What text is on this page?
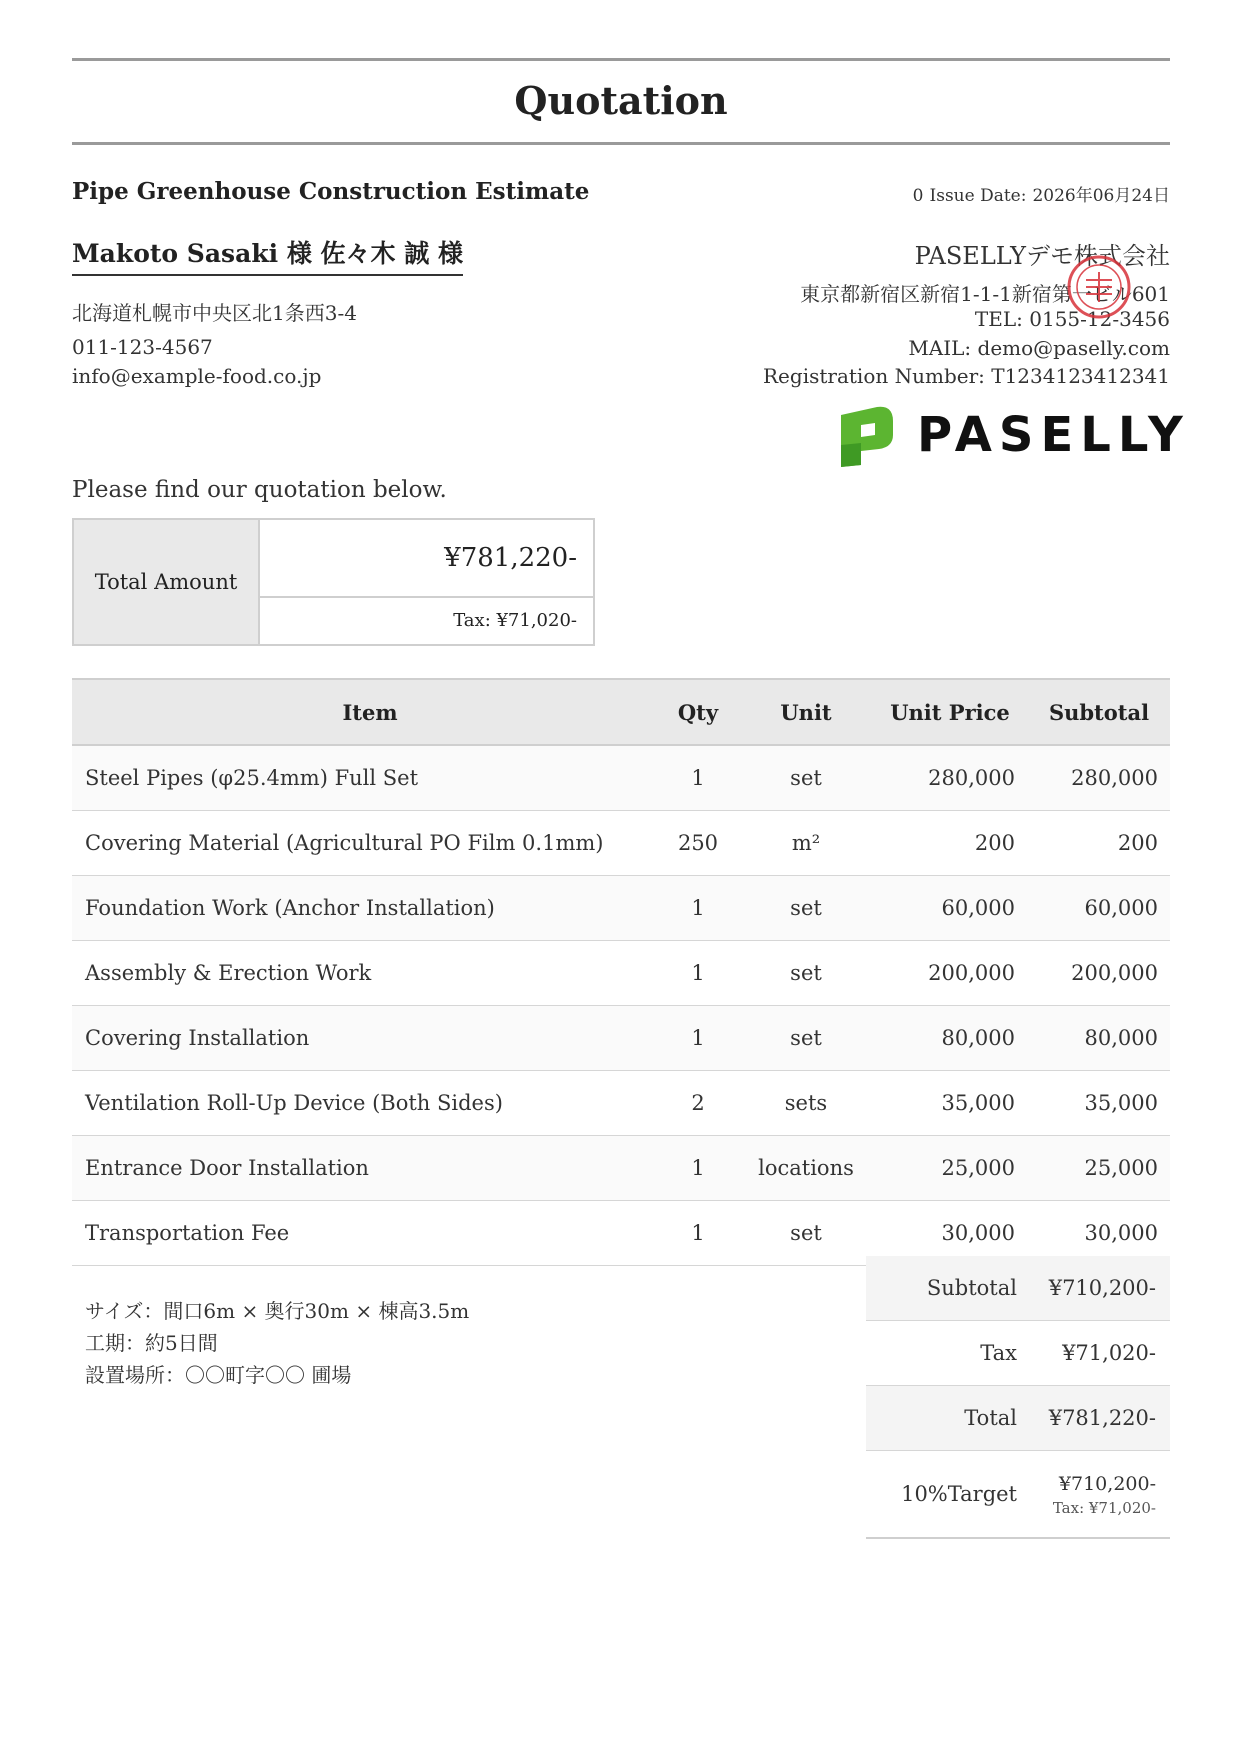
Quotation
Pipe Greenhouse Construction Estimate	0 Issue Date: 2026年06月24日
Makoto Sasaki 様 佐々木 誠 様
北海道札幌市中央区北1条西3-4
011-123-4567
info@example-food.co.jp
PASELLYデモ株式会社
東京都新宿区新宿1-1-1新宿第一ビル601
TEL: 0155-12-3456
MAIL: demo@paselly.com
Registration Number: T1234123412341
PASELLY
Please find our quotation below.
Total Amount
¥781,220-
Tax: ¥71,020-
Item	Qty	Unit	Unit Price	Subtotal
Steel Pipes (φ25.4mm) Full Set	1	set	280,000	280,000
Covering Material (Agricultural PO Film 0.1mm)	250	m²	200	200
Foundation Work (Anchor Installation)	1	set	60,000	60,000
Assembly & Erection Work	1	set	200,000	200,000
Covering Installation	1	set	80,000	80,000
Ventilation Roll-Up Device (Both Sides)	2	sets	35,000	35,000
Entrance Door Installation	1	locations	25,000	25,000
Transportation Fee	1	set	30,000	30,000
サイズ：間口6m × 奥行30m × 棟高3.5m
工期：約5日間
設置場所：〇〇町字〇〇 圃場
Subtotal	¥710,200-
Tax	¥71,020-
Total	¥781,220-
10%Target	¥710,200-
Tax: ¥71,020-
